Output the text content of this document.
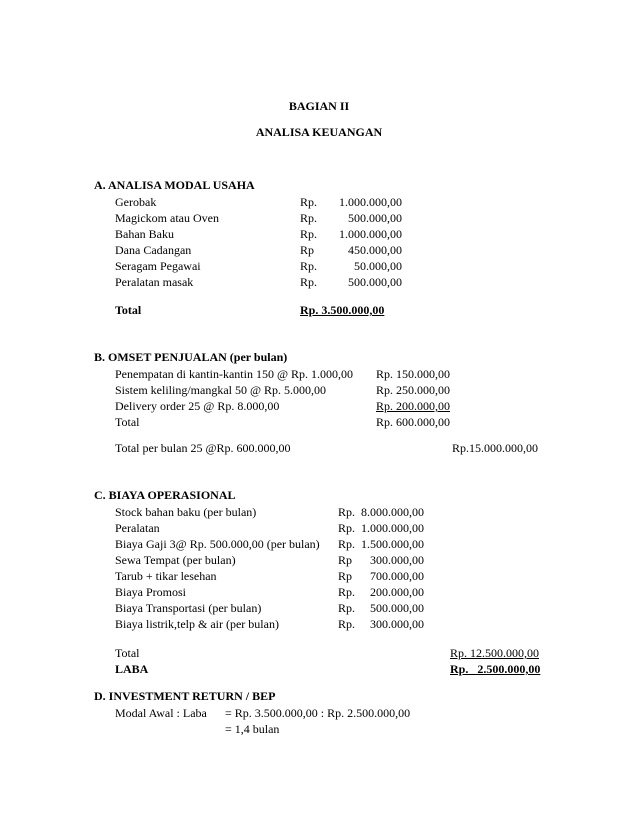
BAGIAN II
ANALISA KEUANGAN
A. ANALISA MODAL USAHA
Gerobak	Rp. 1.000.000,00
Magickom atau Oven	Rp.	500.000,00
Bahan Baku	Rp. 1.000.000,00
Dana Cadangan	Rp	450.000,00
Seragam Pegawai	Rp.	50.000,00
Peralatan masak	Rp.	500.000,00
Total	Rp. 3.500.000,00
B. OMSET PENJUALAN (per bulan)
Penempatan di kantin-kantin 150 @ Rp. 1.000,00 Rp. 150.000,00
Sistem keliling/mangkal 50 @ Rp. 5.000,00	Rp. 250.000,00
Delivery order 25 @ Rp. 8.000,00	Rp. 200.000,00
Total	Rp. 600.000,00
Total per bulan 25 @Rp. 600.000,00	Rp.15.000.000,00
C. BIAYA OPERASIONAL
Stock bahan baku (per bulan)	Rp. 8.000.000,00
Peralatan	Rp. 1.000.000,00
Biaya Gaji 3@ Rp. 500.000,00 (per bulan) Rp. 1.500.000,00
Sewa Tempat (per bulan)	Rp 300.000,00
Tarub + tikar lesehan	Rp 700.000,00
Biaya Promosi	Rp. 200.000,00
Biaya Transportasi (per bulan)	Rp. 500.000,00
Biaya listrik,telp & air (per bulan)	Rp. 300.000,00
Total	Rp. 12.500.000,00
LABA	Rp.   2.500.000,00
D. INVESTMENT RETURN / BEP
Modal Awal : Laba = Rp. 3.500.000,00 : Rp. 2.500.000,00
= 1,4 bulan
